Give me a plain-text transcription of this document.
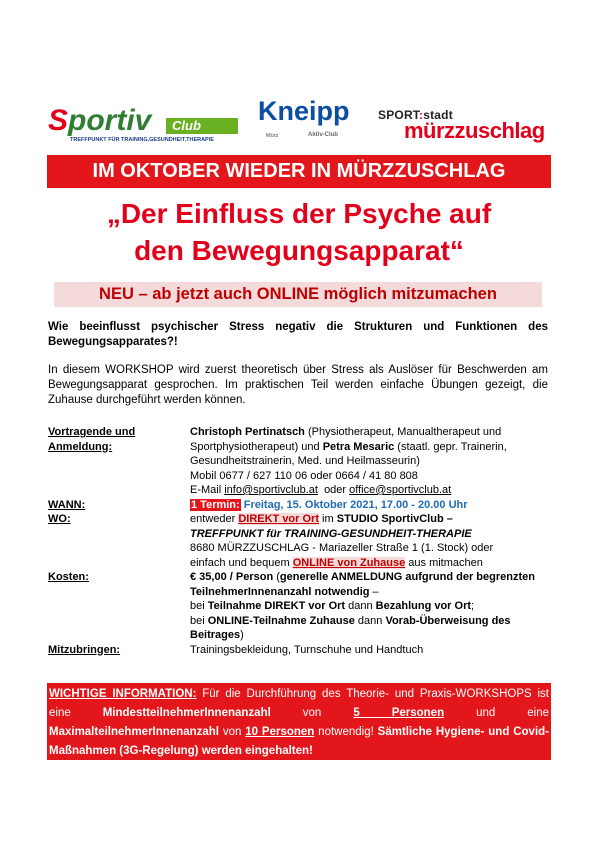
Sportiv Club
TREFFPUNKT FÜR TRAINING.GESUNDHEIT.THERAPIE
Kneipp
Mürz	Aktiv-Club
SPORT:stadt
mürzzuschlag
IM OKTOBER WIEDER IN MÜRZZUSCHLAG
„Der Einfluss der Psyche auf
den Bewegungsapparat“
NEU – ab jetzt auch ONLINE möglich mitzumachen
Wie beeinflusst psychischer Stress negativ die Strukturen und Funktionen des Bewegungsapparates?!
In diesem WORKSHOP wird zuerst theoretisch über Stress als Auslöser für Beschwerden am Bewegungsapparat gesprochen. Im praktischen Teil werden einfache Übungen gezeigt, die Zuhause durchgeführt werden können.
Vortragende und
Anmeldung:
Christoph Pertinatsch (Physiotherapeut, Manualtherapeut und Sportphysiotherapeut) und Petra Mesaric (staatl. gepr. Trainerin, Gesundheitstrainerin, Med. und Heilmasseurin)
Mobil 0677 / 627 110 06 oder 0664 / 41 80 808
E-Mail info@sportivclub.at  oder office@sportivclub.at
WANN:	1 Termin: Freitag, 15. Oktober 2021, 17.00 - 20.00 Uhr
WO:	entweder DIREKT vor Ort im STUDIO SportivClub –
TREFFPUNKT für TRAINING-GESUNDHEIT-THERAPIE
8680 MÜRZZUSCHLAG - Mariazeller Straße 1 (1. Stock) oder
einfach und bequem ONLINE von Zuhause aus mitmachen
Kosten:	€ 35,00 / Person (generelle ANMELDUNG aufgrund der begrenzten TeilnehmerInnenanzahl notwendig –
bei Teilnahme DIREKT vor Ort dann Bezahlung vor Ort;
bei ONLINE-Teilnahme Zuhause dann Vorab-Überweisung des Beitrages)
Mitzubringen:	Trainingsbekleidung, Turnschuhe und Handtuch
WICHTIGE INFORMATION: Für die Durchführung des Theorie- und Praxis-WORKSHOPS ist eine MindestteilnehmerInnenanzahl von 5 Personen und eine MaximalteilnehmerInnenanzahl von 10 Personen notwendig! Sämtliche Hygiene- und Covid-Maßnahmen (3G-Regelung) werden eingehalten!
